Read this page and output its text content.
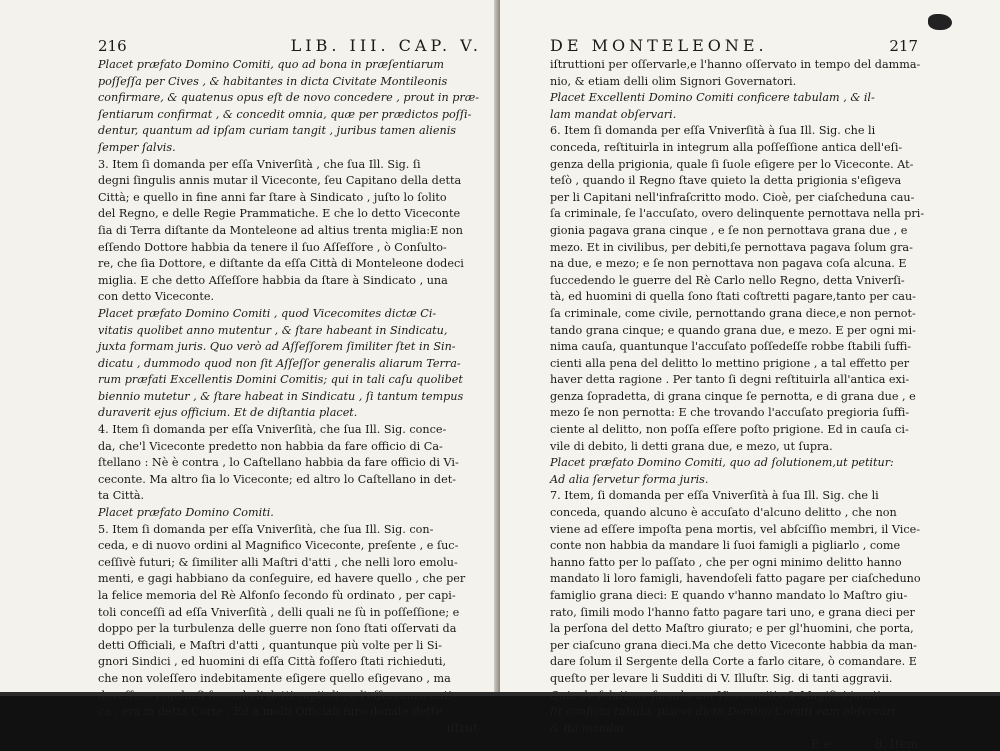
216	LIB. III. CAP. V.
Placet præfato Domino Comiti, quo ad bona in præſentiarum
poſſeſſa per Cives , & habitantes in dicta Civitate Montileonis
confirmare, & quatenus opus eſt de novo concedere , prout in præ-
ſentiarum confirmat , & concedit omnia, quæ per prædictos poſſi-
dentur, quantum ad ipſam curiam tangit , juribus tamen alienis
ſemper ſalvis.
3. Item ſi domanda per eſſa Vniverſità , che ſua Ill. Sig. ſi
degni ſingulis annis mutar il Viceconte, ſeu Capitano della detta
Città; e quello in fine anni far ſtare à Sindicato , juſto lo ſolito
del Regno, e delle Regie Prammatiche. E che lo detto Viceconte
ſia di Terra diſtante da Monteleone ad altius trenta miglia:E non
eſſendo Dottore habbia da tenere il ſuo Aſſeſſore , ò Conſulto-
re, che ſia Dottore, e diſtante da eſſa Città di Monteleone dodeci
miglia. E che detto Aſſeſſore habbia da ſtare à Sindicato , una
con detto Viceconte.
Placet præfato Domino Comiti , quod Vicecomites dictæ Ci-
vitatis quolibet anno mutentur , & ſtare habeant in Sindicatu,
juxta formam juris. Quo verò ad Aſſeſſorem ſimiliter ſtet in Sin-
dicatu , dummodo quod non ſit Aſſeſſor generalis aliarum Terra-
rum præfati Excellentis Domini Comitis; qui in tali caſu quolibet
biennio mutetur , & ſtare habeat in Sindicatu , ſi tantum tempus
duraverit ejus officium. Et de diſtantia placet.
4. Item ſi domanda per eſſa Vniverſità, che ſua Ill. Sig. conce-
da, che'l Viceconte predetto non habbia da fare officio di Ca-
ſtellano : Nè è contra , lo Caſtellano habbia da fare officio di Vi-
ceconte. Ma altro ſia lo Viceconte; ed altro lo Caſtellano in det-
ta Città.
Placet præfato Domino Comiti.
5. Item ſi domanda per eſſa Vniverſità, che ſua Ill. Sig. con-
ceda, e di nuovo ordini al Magnifico Viceconte, preſente , e ſuc-
ceſſivè futuri; & ſimiliter alli Maſtri d'atti , che nelli loro emolu-
menti, e gagi habbiano da conſeguire, ed havere quello , che per
la felice memoria del Rè Alfonſo ſecondo fù ordinato , per capi-
toli conceſſi ad eſſa Vniverſità , delli quali ne ſù in poſſeſſione; e
doppo per la turbulenza delle guerre non ſono ſtati oſſervati da
detti Officiali, e Maſtri d'atti , quantunque più volte per li Si-
gnori Sindici , ed huomini di eſſa Città foſſero ſtati richieduti,
che non voleſſero indebitamente eſigere quello eſigevano , ma
ca , era in detta Corte . Ed à molti Officiali furo donate dette
iſtrut-
DE MONTELEONE.	217
iſtruttioni per oſſervarle,e l'hanno oſſervato in tempo del damma-
nio, & etiam delli olim Signori Governatori.
Placet Excellenti Domino Comiti conficere tabulam , & il-
lam mandat obſervari.
6. Item ſi domanda per eſſa Vniverſità à ſua Ill. Sig. che li
conceda, reſtituirla in integrum alla poſſeſſione antica dell'eſi-
genza della prigionia, quale ſi ſuole eſigere per lo Viceconte. At-
teſò , quando il Regno ſtave quieto la detta prigionia s'eſigeva
per li Capitani nell'infraſcritto modo. Cioè, per ciaſcheduna cau-
ſa criminale, ſe l'accuſato, overo delinquente pernottava nella pri-
gionia pagava grana cinque , e ſe non pernottava grana due , e
mezo. Et in civilibus, per debiti,ſe pernottava pagava ſolum gra-
na due, e mezo; e ſe non pernottava non pagava coſa alcuna. E
ſuccedendo le guerre del Rè Carlo nello Regno, detta Vniverſi-
tà, ed huomini di quella ſono ſtati coſtretti pagare,tanto per cau-
ſa criminale, come civile, pernottando grana diece,e non pernot-
tando grana cinque; e quando grana due, e mezo. E per ogni mi-
nima cauſa, quantunque l'accuſato poſſedeſſe robbe ſtabili ſuffi-
cienti alla pena del delitto lo mettino prigione , a tal effetto per
haver detta ragione . Per tanto ſi degni reſtituirla all'antica exi-
genza ſopradetta, di grana cinque ſe pernotta, e di grana due , e
mezo ſe non pernotta: E che trovando l'accuſato pregioria ſuffi-
ciente al delitto, non poſſa eſſere poſto prigione. Ed in cauſa ci-
vile di debito, li detti grana due, e mezo, ut ſupra.
Placet præfato Domino Comiti, quo ad ſolutionem,ut petitur:
Ad alia ſervetur forma juris.
7. Item, ſi domanda per eſſa Vniverſità à ſua Ill. Sig. che li
conceda, quando alcuno è accuſato d'alcuno delitto , che non
viene ad eſſere impoſta pena mortis, vel abſciſſio membri, il Vice-
conte non habbia da mandare li ſuoi famigli a pigliarlo , come
hanno fatto per lo paſſato , che per ogni minimo delitto hanno
mandato li loro famigli, havendoſeli fatto pagare per ciaſcheduno
famiglio grana dieci: E quando v'hanno mandato lo Maſtro giu-
rato, ſimili modo l'hanno fatto pagare tari uno, e grana dieci per
la perſona del detto Maſtro giurato; e per gl'huomini, che porta,
per ciaſcuno grana dieci.Ma che detto Viceconte habbia da man-
dare ſolum il Sergente della Corte a farlo citare, ò comandare. E
queſto per levare li Sudditi di V. Illuſtr. Sig. di tanti aggravii.
ſit conficta tabula, placet dicto Domino Comiti eam obſervari
& ita mandat.
E e	8. Item
